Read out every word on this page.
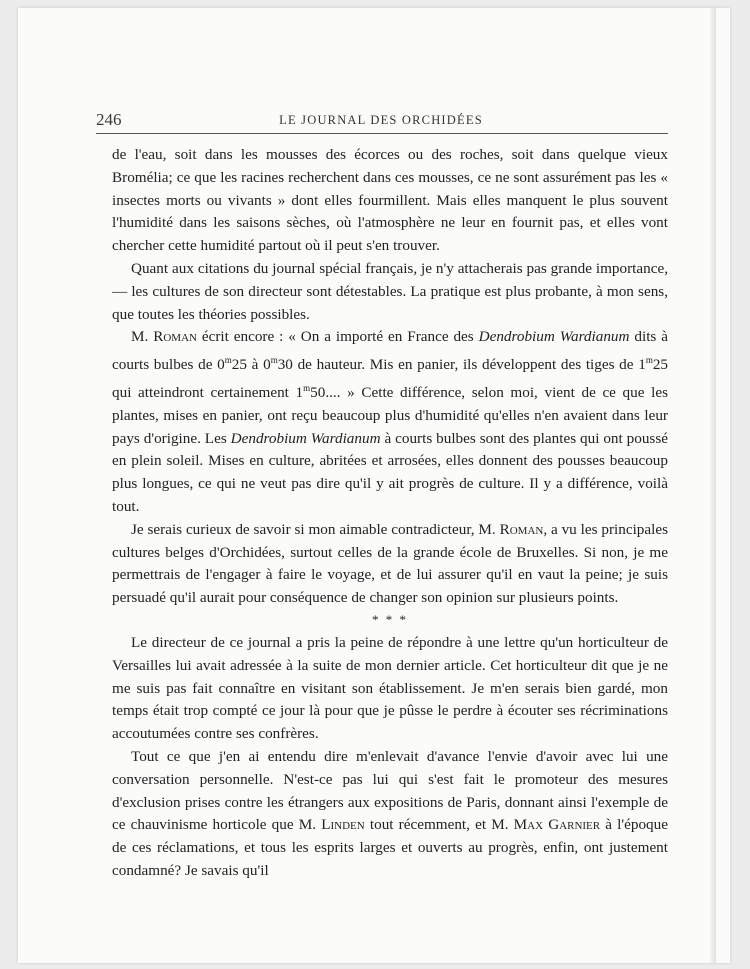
246	LE JOURNAL DES ORCHIDÉES

de l'eau, soit dans les mousses des écorces ou des roches, soit dans quelque vieux Bromélia; ce que les racines recherchent dans ces mousses, ce ne sont assurément pas les « insectes morts ou vivants » dont elles fourmillent. Mais elles manquent le plus souvent l'humidité dans les saisons sèches, où l'atmosphère ne leur en fournit pas, et elles vont chercher cette humidité partout où il peut s'en trouver.

Quant aux citations du journal spécial français, je n'y attacherais pas grande importance, — les cultures de son directeur sont détestables. La pratique est plus probante, à mon sens, que toutes les théories possibles.

M. Roman écrit encore : « On a importé en France des Dendrobium Wardianum dits à courts bulbes de 0$^m$25 à 0$^m$30 de hauteur. Mis en panier, ils développent des tiges de 1$^m$25 qui atteindront certainement 1$^m$50.... » Cette différence, selon moi, vient de ce que les plantes, mises en panier, ont reçu beaucoup plus d'humidité qu'elles n'en avaient dans leur pays d'origine. Les Dendrobium Wardianum à courts bulbes sont des plantes qui ont poussé en plein soleil. Mises en culture, abritées et arrosées, elles donnent des pousses beaucoup plus longues, ce qui ne veut pas dire qu'il y ait progrès de culture. Il y a différence, voilà tout.

Je serais curieux de savoir si mon aimable contradicteur, M. Roman, a vu les principales cultures belges d'Orchidées, surtout celles de la grande école de Bruxelles. Si non, je me permettrais de l'engager à faire le voyage, et de lui assurer qu'il en vaut la peine; je suis persuadé qu'il aurait pour conséquence de changer son opinion sur plusieurs points.

* * *

Le directeur de ce journal a pris la peine de répondre à une lettre qu'un horticulteur de Versailles lui avait adressée à la suite de mon dernier article. Cet horticulteur dit que je ne me suis pas fait connaître en visitant son établissement. Je m'en serais bien gardé, mon temps était trop compté ce jour là pour que je pûsse le perdre à écouter ses récriminations accoutumées contre ses confrères.

Tout ce que j'en ai entendu dire m'enlevait d'avance l'envie d'avoir avec lui une conversation personnelle. N'est-ce pas lui qui s'est fait le promoteur des mesures d'exclusion prises contre les étrangers aux expositions de Paris, donnant ainsi l'exemple de ce chauvinisme horticole que M. Linden tout récemment, et M. Max Garnier à l'époque de ces réclamations, et tous les esprits larges et ouverts au progrès, enfin, ont justement condamné? Je savais qu'il
